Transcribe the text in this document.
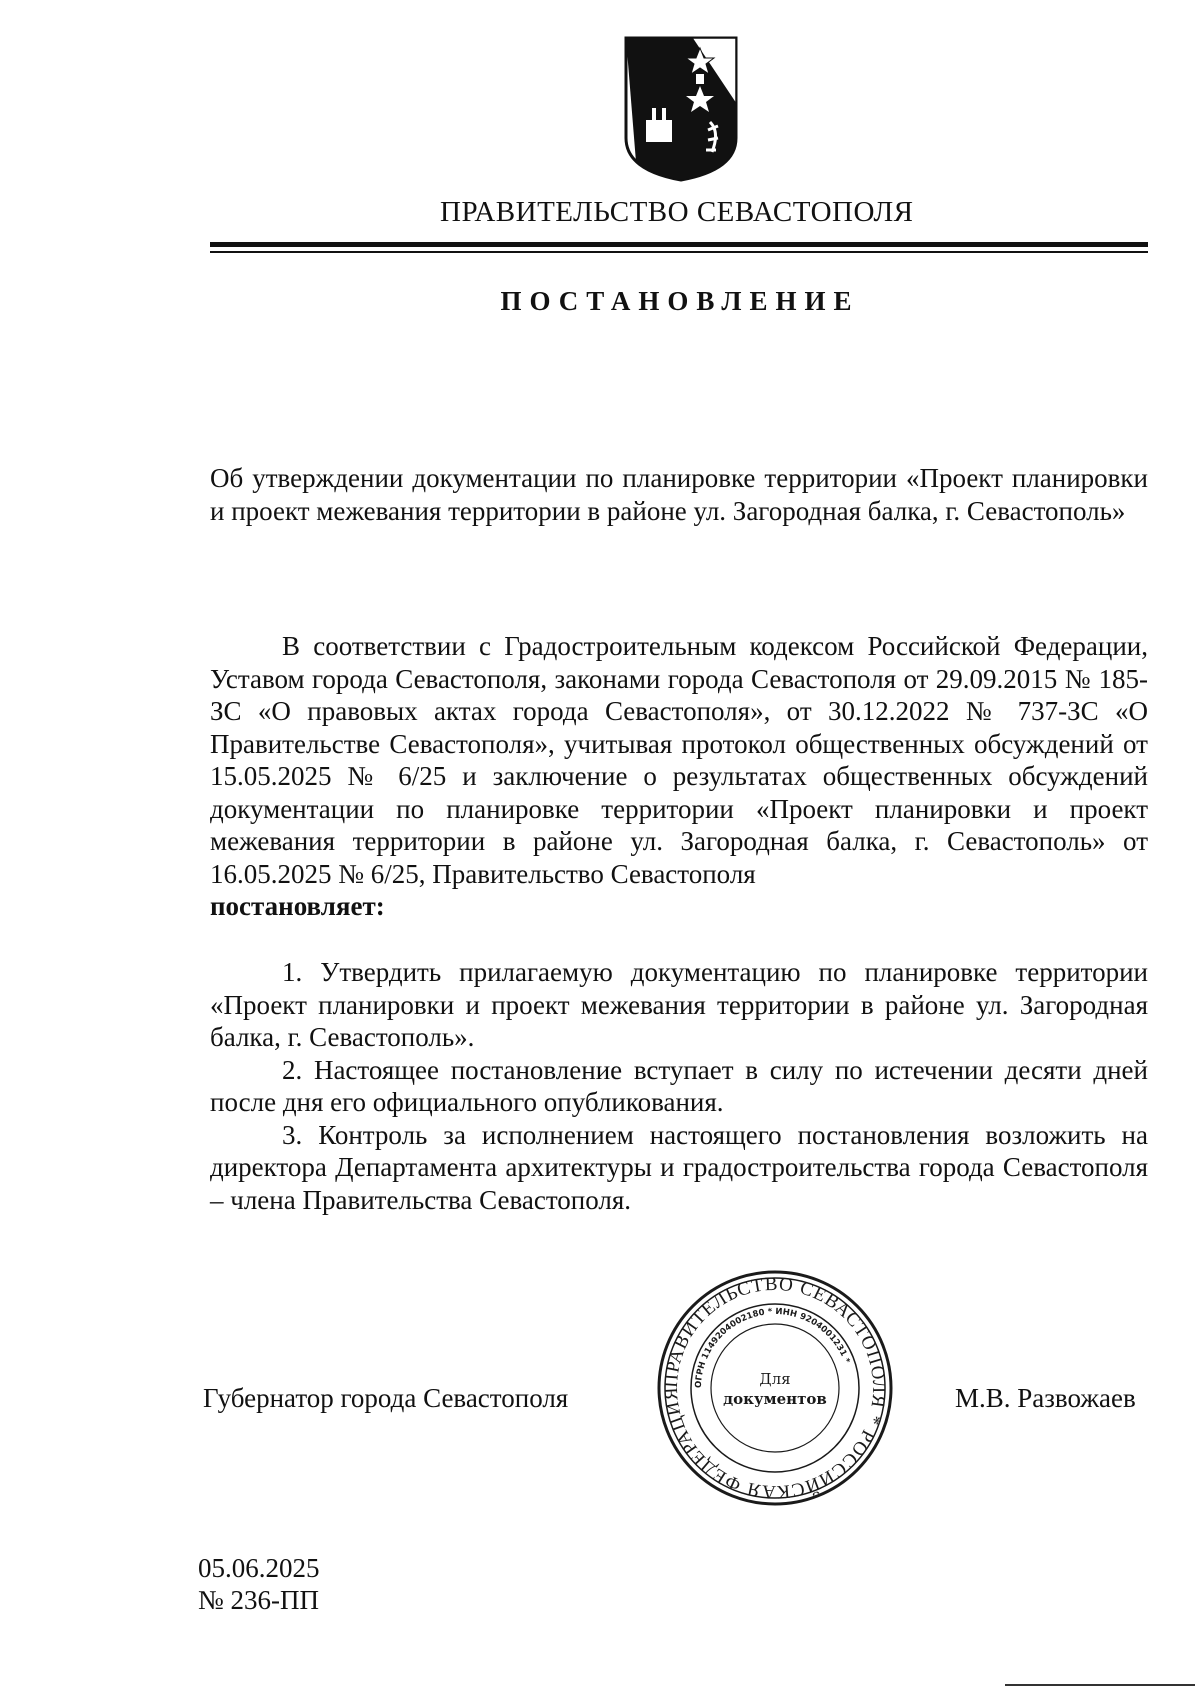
ПРАВИТЕЛЬСТВО СЕВАСТОПОЛЯ
ПОСТАНОВЛЕНИЕ
Об утверждении документации по планировке территории «Проект планировки и проект межевания территории в районе ул. Загородная балка, г. Севастополь»
В соответствии с Градостроительным кодексом Российской Федерации, Уставом города Севастополя, законами города Севастополя от 29.09.2015 № 185-ЗС «О правовых актах города Севастополя», от 30.12.2022 № 737-ЗС «О Правительстве Севастополя», учитывая протокол общественных обсуждений от 15.05.2025 № 6/25 и заключение о результатах общественных обсуждений документации по планировке территории «Проект планировки и проект межевания территории в районе ул. Загородная балка, г. Севастополь» от 16.05.2025 № 6/25, Правительство Севастополя
постановляет:
1. Утвердить прилагаемую документацию по планировке территории «Проект планировки и проект межевания территории в районе ул. Загородная балка, г. Севастополь».
2. Настоящее постановление вступает в силу по истечении десяти дней после дня его официального опубликования.
3. Контроль за исполнением настоящего постановления возложить на директора Департамента архитектуры и градостроительства города Севастополя – члена Правительства Севастополя.
Губернатор города Севастополя
ПРАВИТЕЛЬСТВО СЕВАСТОПОЛЯ * РОССИЙСКАЯ ФЕДЕРАЦИЯ
ОГРН 1149204002180 * ИНН 9204001231 *
Для
документов	М.В. Развожаев
05.06.2025
№ 236-ПП
